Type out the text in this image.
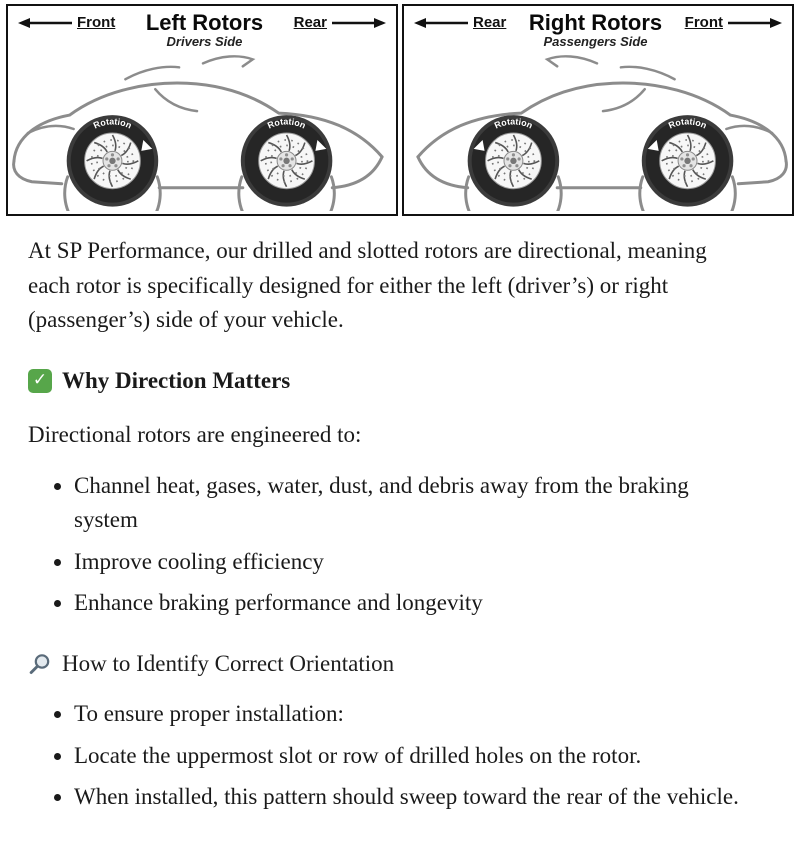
Front Left Rotors
Drivers Side
Rear
Rotation	Rotation
Rear Right Rotors
Passengers Side
Front
Rotation	Rotation

At SP Performance, our drilled and slotted rotors are directional, meaning each rotor is specifically designed for either the left (driver’s) or right (passenger’s) side of your vehicle.

✓ Why Direction Matters

Directional rotors are engineered to:

• Channel heat, gases, water, dust, and debris away from the braking system
• Improve cooling efficiency
• Enhance braking performance and longevity
How to Identify Correct Orientation
• To ensure proper installation:
• Locate the uppermost slot or row of drilled holes on the rotor.
• When installed, this pattern should sweep toward the rear of the vehicle.
